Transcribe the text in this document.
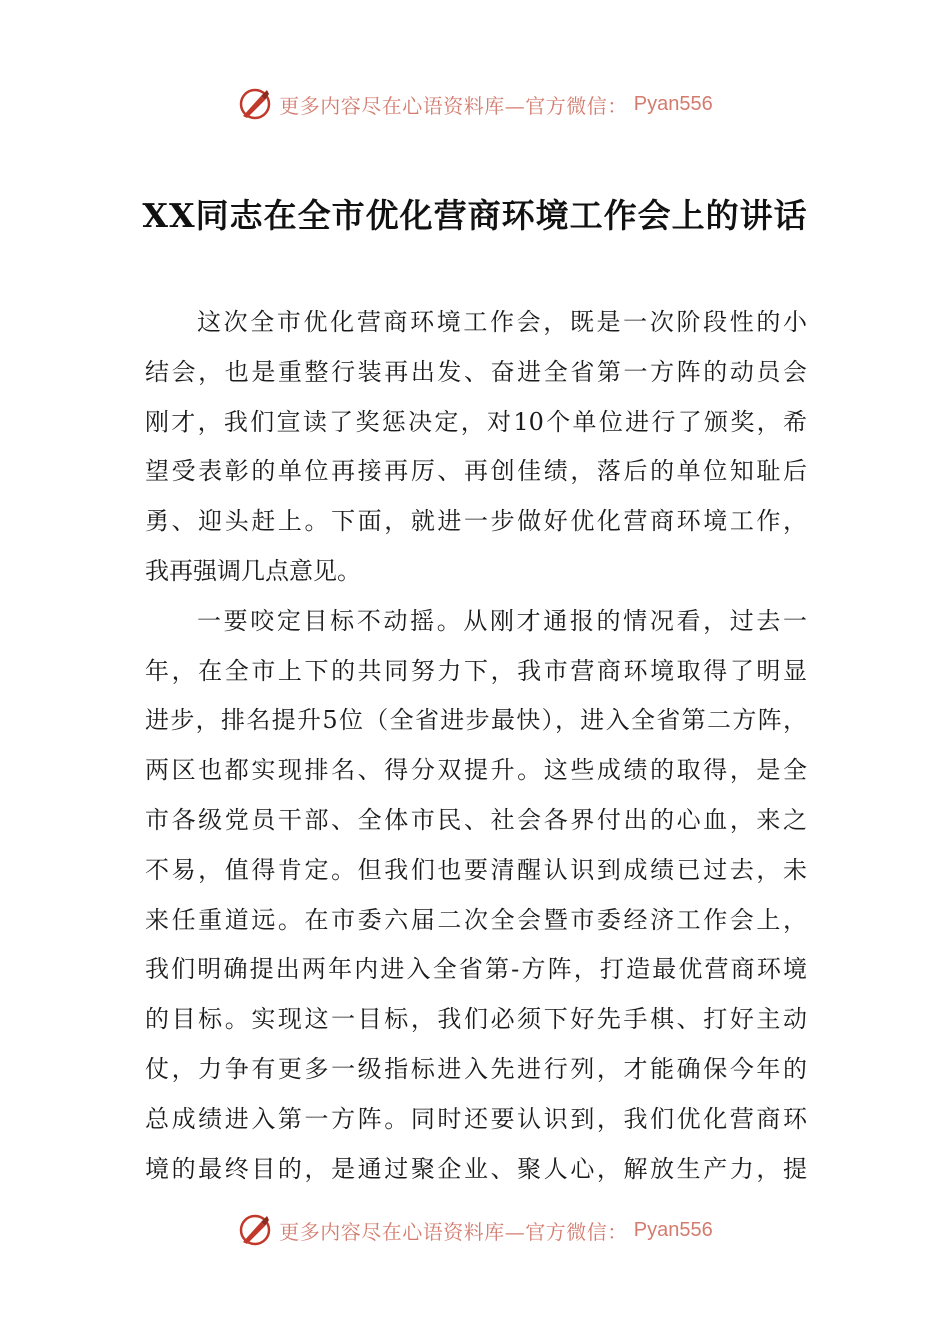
更多内容尽在心语资料库—官方微信： Pyan556
XX同志在全市优化营商环境工作会上的讲话
这次全市优化营商环境工作会，既是一次阶段性的小
结会，也是重整行装再出发、奋进全省第一方阵的动员会
刚才，我们宣读了奖惩决定，对10个单位进行了颁奖，希
望受表彰的单位再接再厉、再创佳绩，落后的单位知耻后
勇、迎头赶上。下面，就进一步做好优化营商环境工作，
我再强调几点意见。
一要咬定目标不动摇。从刚才通报的情况看，过去一
年，在全市上下的共同努力下，我市营商环境取得了明显
进步，排名提升5位（全省进步最快），进入全省第二方阵，
两区也都实现排名、得分双提升。这些成绩的取得，是全
市各级党员干部、全体市民、社会各界付出的心血，来之
不易，值得肯定。但我们也要清醒认识到成绩已过去，未
来任重道远。在市委六届二次全会暨市委经济工作会上，
我们明确提出两年内进入全省第-方阵，打造最优营商环境
的目标。实现这一目标，我们必须下好先手棋、打好主动
仗，力争有更多一级指标进入先进行列，才能确保今年的
总成绩进入第一方阵。同时还要认识到，我们优化营商环
境的最终目的，是通过聚企业、聚人心，解放生产力，提
更多内容尽在心语资料库—官方微信： Pyan556
